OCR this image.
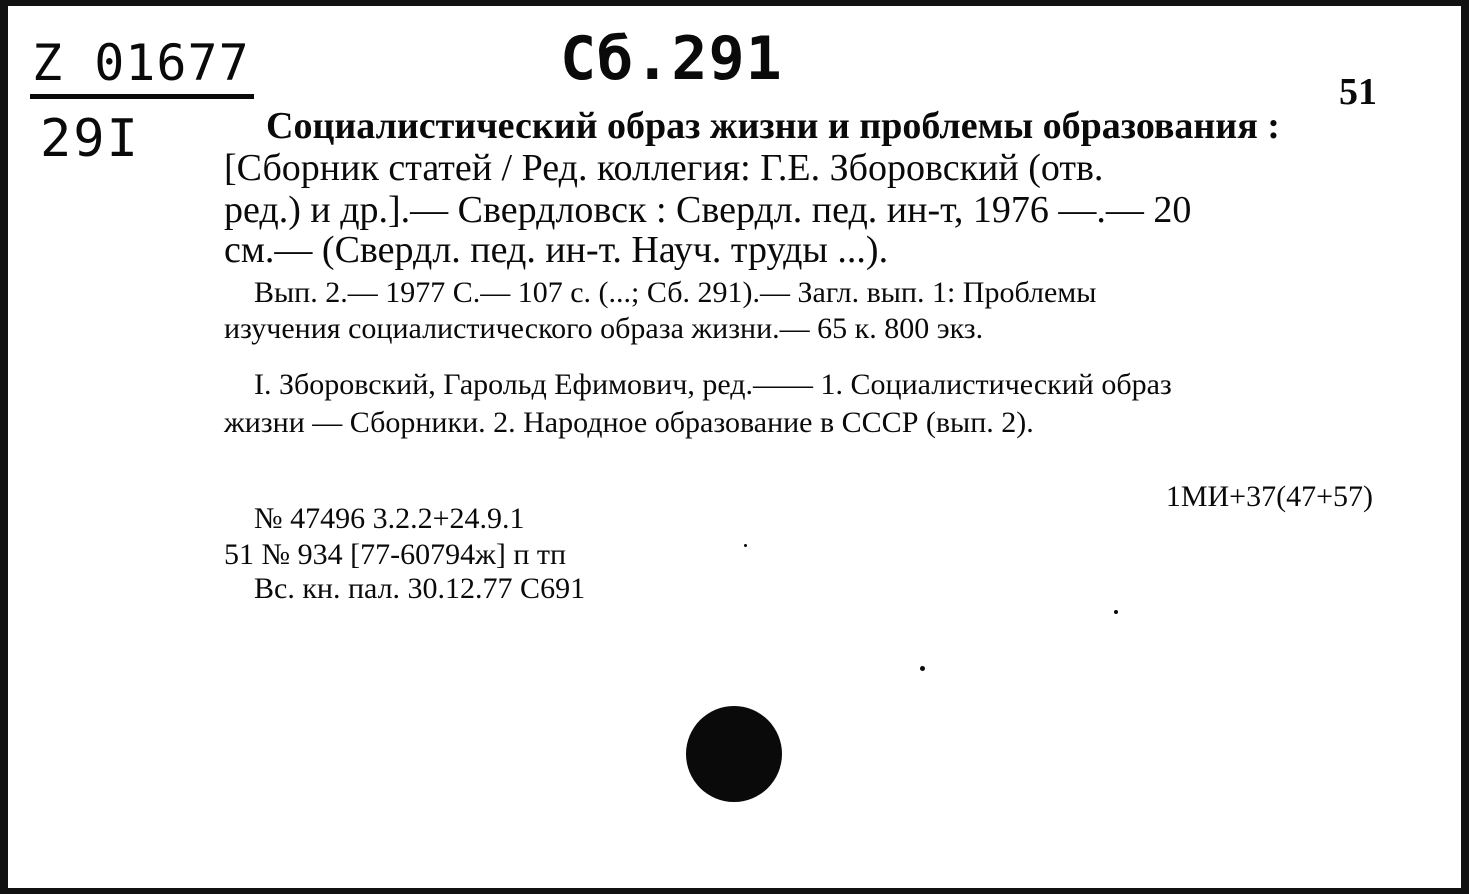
Z 01677	Сб.291
29I
51
Социалистический образ жизни и проблемы образования :
[Сборник статей / Ред. коллегия: Г.Е. Зборовский (отв.
ред.) и др.].— Свердловск : Свердл. пед. ин-т, 1976 —.— 20
см.— (Свердл. пед. ин-т. Науч. труды ...).
Вып. 2.— 1977 С.— 107 с. (...; Сб. 291).— Загл. вып. 1: Проблемы
изучения социалистического образа жизни.— 65 к. 800 экз.
I. Зборовский, Гарольд Ефимович, ред.—— 1. Социалистический образ
жизни — Сборники. 2. Народное образование в СССР (вып. 2).
1МИ+37(47+57)
№ 47496 3.2.2+24.9.1
51 № 934 [77-60794ж] п тп
Вс. кн. пал. 30.12.77 С691
